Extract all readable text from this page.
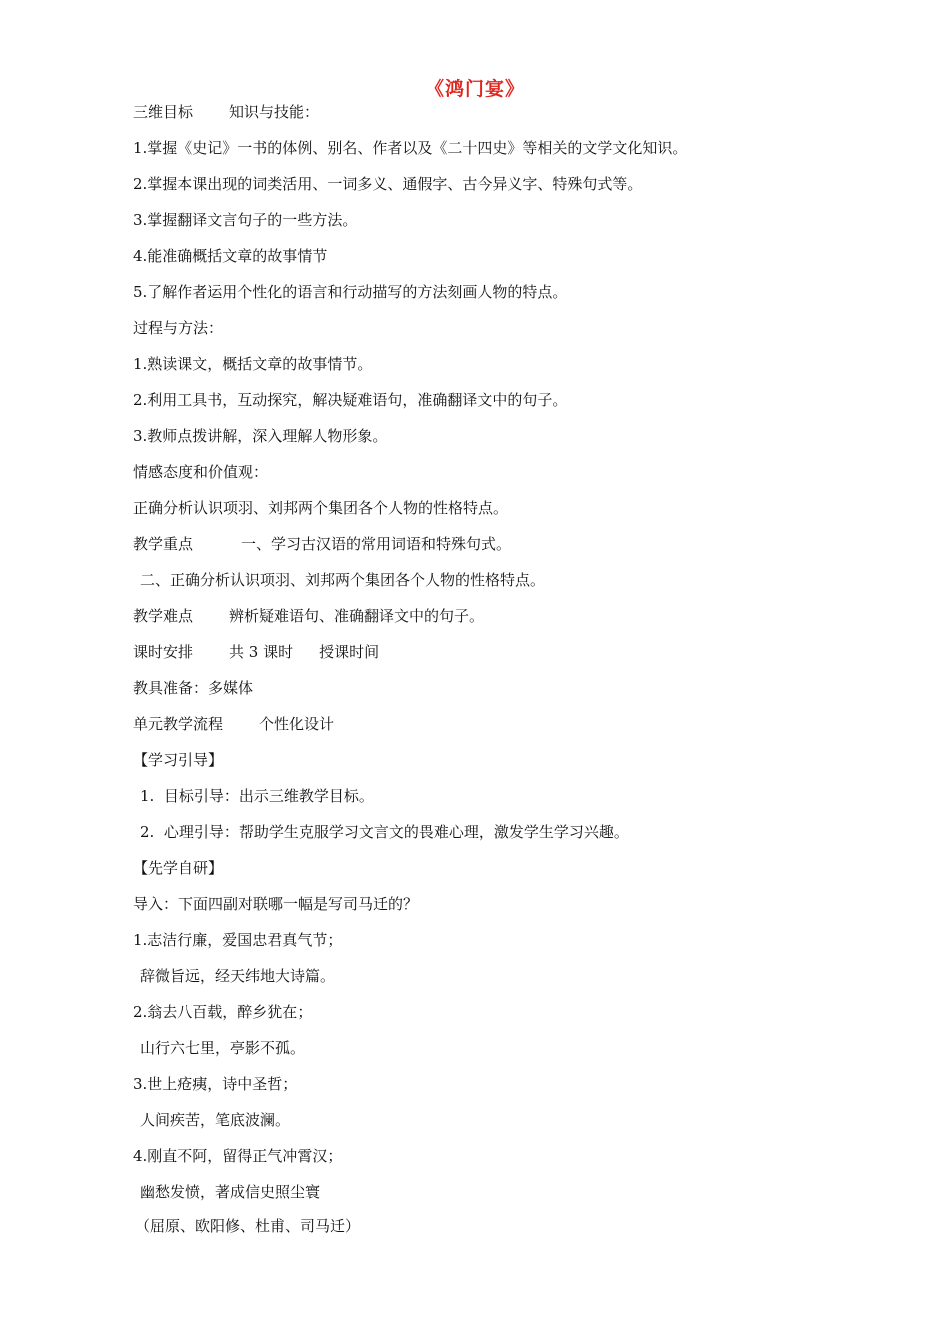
《鸿门宴》
三维目标 知识与技能：
1.掌握《史记》一书的体例、别名、作者以及《二十四史》等相关的文学文化知识。
2.掌握本课出现的词类活用、一词多义、通假字、古今异义字、特殊句式等。
3.掌握翻译文言句子的一些方法。
4.能准确概括文章的故事情节
5.了解作者运用个性化的语言和行动描写的方法刻画人物的特点。
过程与方法：
1.熟读课文，概括文章的故事情节。
2.利用工具书，互动探究，解决疑难语句，准确翻译文中的句子。
3.教师点拨讲解，深入理解人物形象。
情感态度和价值观：
正确分析认识项羽、刘邦两个集团各个人物的性格特点。
教学重点	一、学习古汉语的常用词语和特殊句式。
二、正确分析认识项羽、刘邦两个集团各个人物的性格特点。
教学难点 辨析疑难语句、准确翻译文中的句子。
课时安排 共 3 课时 授课时间
教具准备：多媒体
单元教学流程 个性化设计
【学习引导】
1.  目标引导：出示三维教学目标。
2.  心理引导：帮助学生克服学习文言文的畏难心理，激发学生学习兴趣。
【先学自研】
导入：下面四副对联哪一幅是写司马迁的？
1.志洁行廉，爱国忠君真气节；
辞微旨远，经天纬地大诗篇。
2.翁去八百载，醉乡犹在；
山行六七里，亭影不孤。
3.世上疮痍，诗中圣哲；
人间疾苦，笔底波澜。
4.刚直不阿，留得正气冲霄汉；
幽愁发愤，著成信史照尘寰
（屈原、欧阳修、杜甫、司马迁）
